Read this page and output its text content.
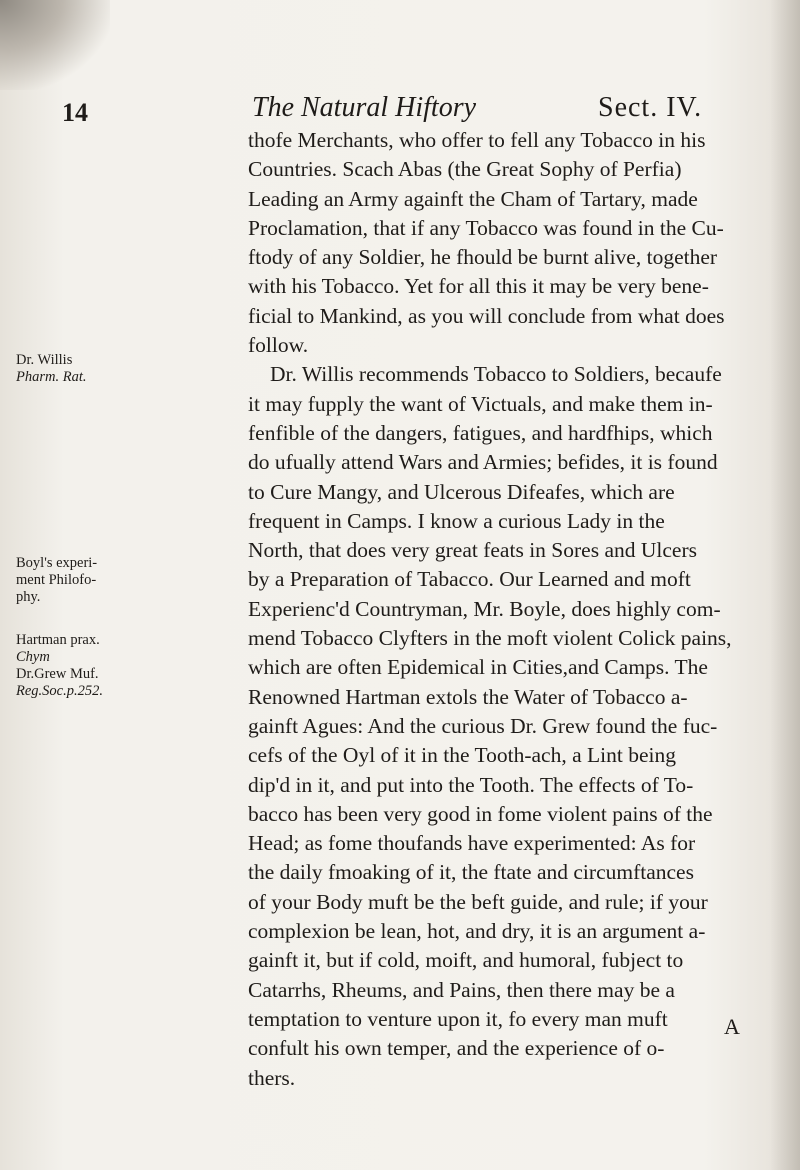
14	The Natural Hiftory	Sect. IV.
Dr. Willis
Pharm. Rat.
Boyl's experi-
ment Philofo-
phy.
Hartman prax.
Chym
Dr.Grew Muf.
Reg.Soc.p.252.
thofe Merchants, who offer to fell any Tobacco in his
Countries. Scach Abas (the Great Sophy of Perfia)
Leading an Army againft the Cham of Tartary, made
Proclamation, that if any Tobacco was found in the Cu-
ftody of any Soldier, he fhould be burnt alive, together
with his Tobacco. Yet for all this it may be very bene-
ficial to Mankind, as you will conclude from what does
follow.
Dr. Willis recommends Tobacco to Soldiers, becaufe
it may fupply the want of Victuals, and make them in-
fenfible of the dangers, fatigues, and hardfhips, which
do ufually attend Wars and Armies; befides, it is found
to Cure Mangy, and Ulcerous Difeafes, which are
frequent in Camps. I know a curious Lady in the
North, that does very great feats in Sores and Ulcers
by a Preparation of Tabacco. Our Learned and moft
Experienc'd Countryman, Mr. Boyle, does highly com-
mend Tobacco Clyfters in the moft violent Colick pains,
which are often Epidemical in Cities,and Camps. The
Renowned Hartman extols the Water of Tobacco a-
gainft Agues: And the curious Dr. Grew found the fuc-
cefs of the Oyl of it in the Tooth-ach, a Lint being
dip'd in it, and put into the Tooth. The effects of To-
bacco has been very good in fome violent pains of the
Head; as fome thoufands have experimented: As for
the daily fmoaking of it, the ftate and circumftances
of your Body muft be the beft guide, and rule; if your
complexion be lean, hot, and dry, it is an argument a-
gainft it, but if cold, moift, and humoral, fubject to
Catarrhs, Rheums, and Pains, then there may be a
temptation to venture upon it, fo every man muft
confult his own temper, and the experience of o-
thers.
A
